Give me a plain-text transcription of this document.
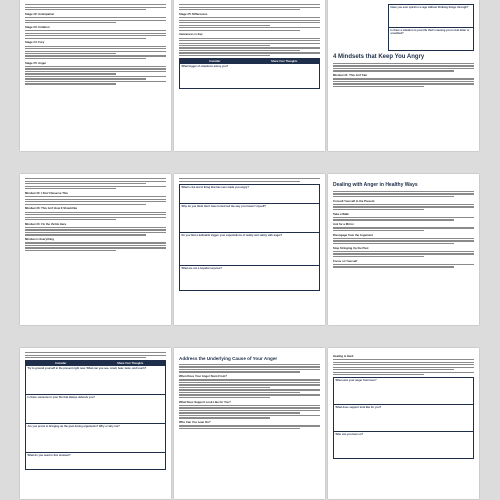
Stage #2: Anticipation
Stage #3: Irritation
Stage #4: Fury
Stage #5: Anger
Stage #5: Differences
Awareness is Key
Consider	Share Your Thoughts
What trigger of situations annoy you?
Have you ever spiral in a rage without thinking things through?
Is there a situation in your life that's causing you to feel bitter or unsettled?
4 Mindsets that Keep You Angry
Mindset #1: This Isn't Fair
Mindset #2: I Don't Deserve This
Mindset #3: This Isn't How It Should Be
Mindset #4: I'm the Victim Here
Mindset is Everything
What is the worst thing that has ever made you angry?
Why do you think that I have turned red the way you haven't myself?
Do you find a definable trigger your expectations of reality and safety with anger?
What are not a hopeful surprise?
Dealing with Anger in Healthy Ways
Consult Yourself in the Present
Take a Walk
Ask for a Mirror
Disengage from the Argument
Stop Stringing Up the Past
Focus on Yourself
Consider	Share Your Thoughts
Try to ground yourself in the present right now. What can you see, smell, hear, taste, and touch?
Is there someone in your life that always defends you?
Are you prone to bringing up the past during arguments? Why or why not?
What do you need in this moment?
Address the Underlying Cause of Your Anger
When Does Your Anger Stem From?
What Does Support Look Like for You?
Who Can You Lean On?
Healing is Hard
When was your anger from here?
What does support look like for you?
Who can you lean on?
